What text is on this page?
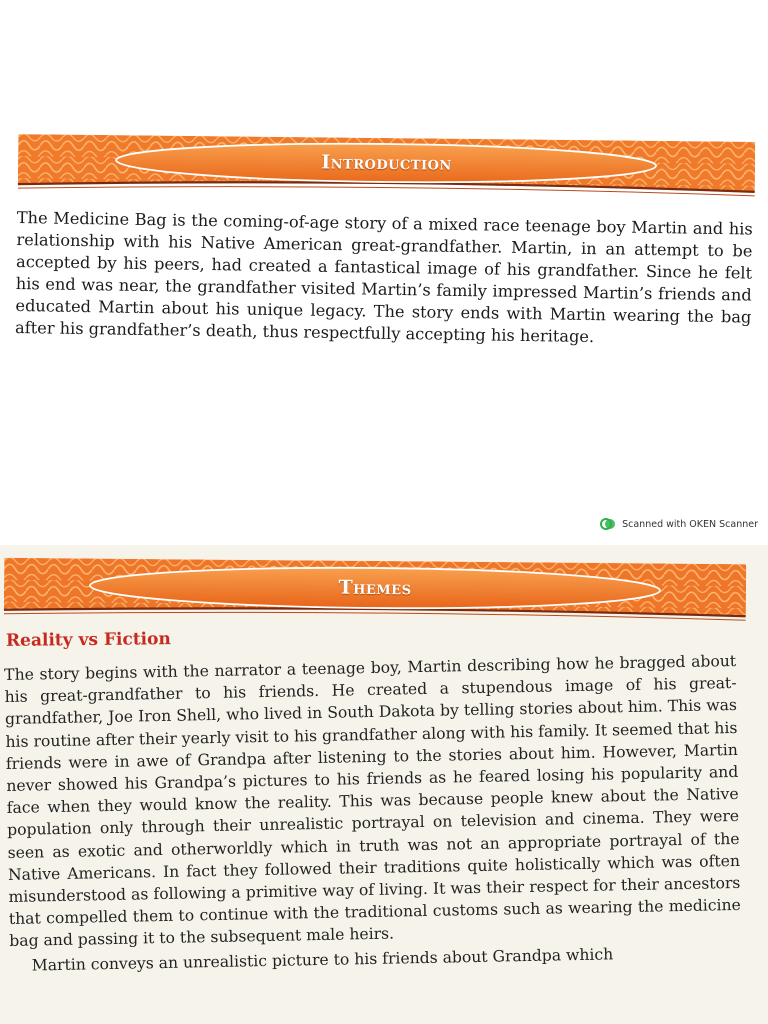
Introduction
The Medicine Bag is the coming-of-age story of a mixed race teenage boy Martin and his relationship with his Native American great-grandfather. Martin, in an attempt to be accepted by his peers, had created a fantastical image of his grandfather. Since he felt his end was near, the grandfather visited Martin’s family impressed Martin’s friends and educated Martin about his unique legacy. The story ends with Martin wearing the bag after his grandfather’s death, thus respectfully accepting his heritage.
Scanned with OKEN Scanner
Themes
Reality vs Fiction

The story begins with the narrator a teenage boy, Martin describing how he bragged about his great-grandfather to his friends. He created a stupendous image of his great-grandfather, Joe Iron Shell, who lived in South Dakota by telling stories about him. This was his routine after their yearly visit to his grandfather along with his family. It seemed that his friends were in awe of Grandpa after listening to the stories about him. However, Martin never showed his Grandpa’s pictures to his friends as he feared losing his popularity and face when they would know the reality. This was because people knew about the Native population only through their unrealistic portrayal on television and cinema. They were seen as exotic and otherworldly which in truth was not an appropriate portrayal of the Native Americans. In fact they followed their traditions quite holistically which was often misunderstood as following a primitive way of living. It was their respect for their ancestors that compelled them to continue with the traditional customs such as wearing the medicine bag and passing it to the subsequent male heirs.

Martin conveys an unrealistic picture to his friends about Grandpa which
